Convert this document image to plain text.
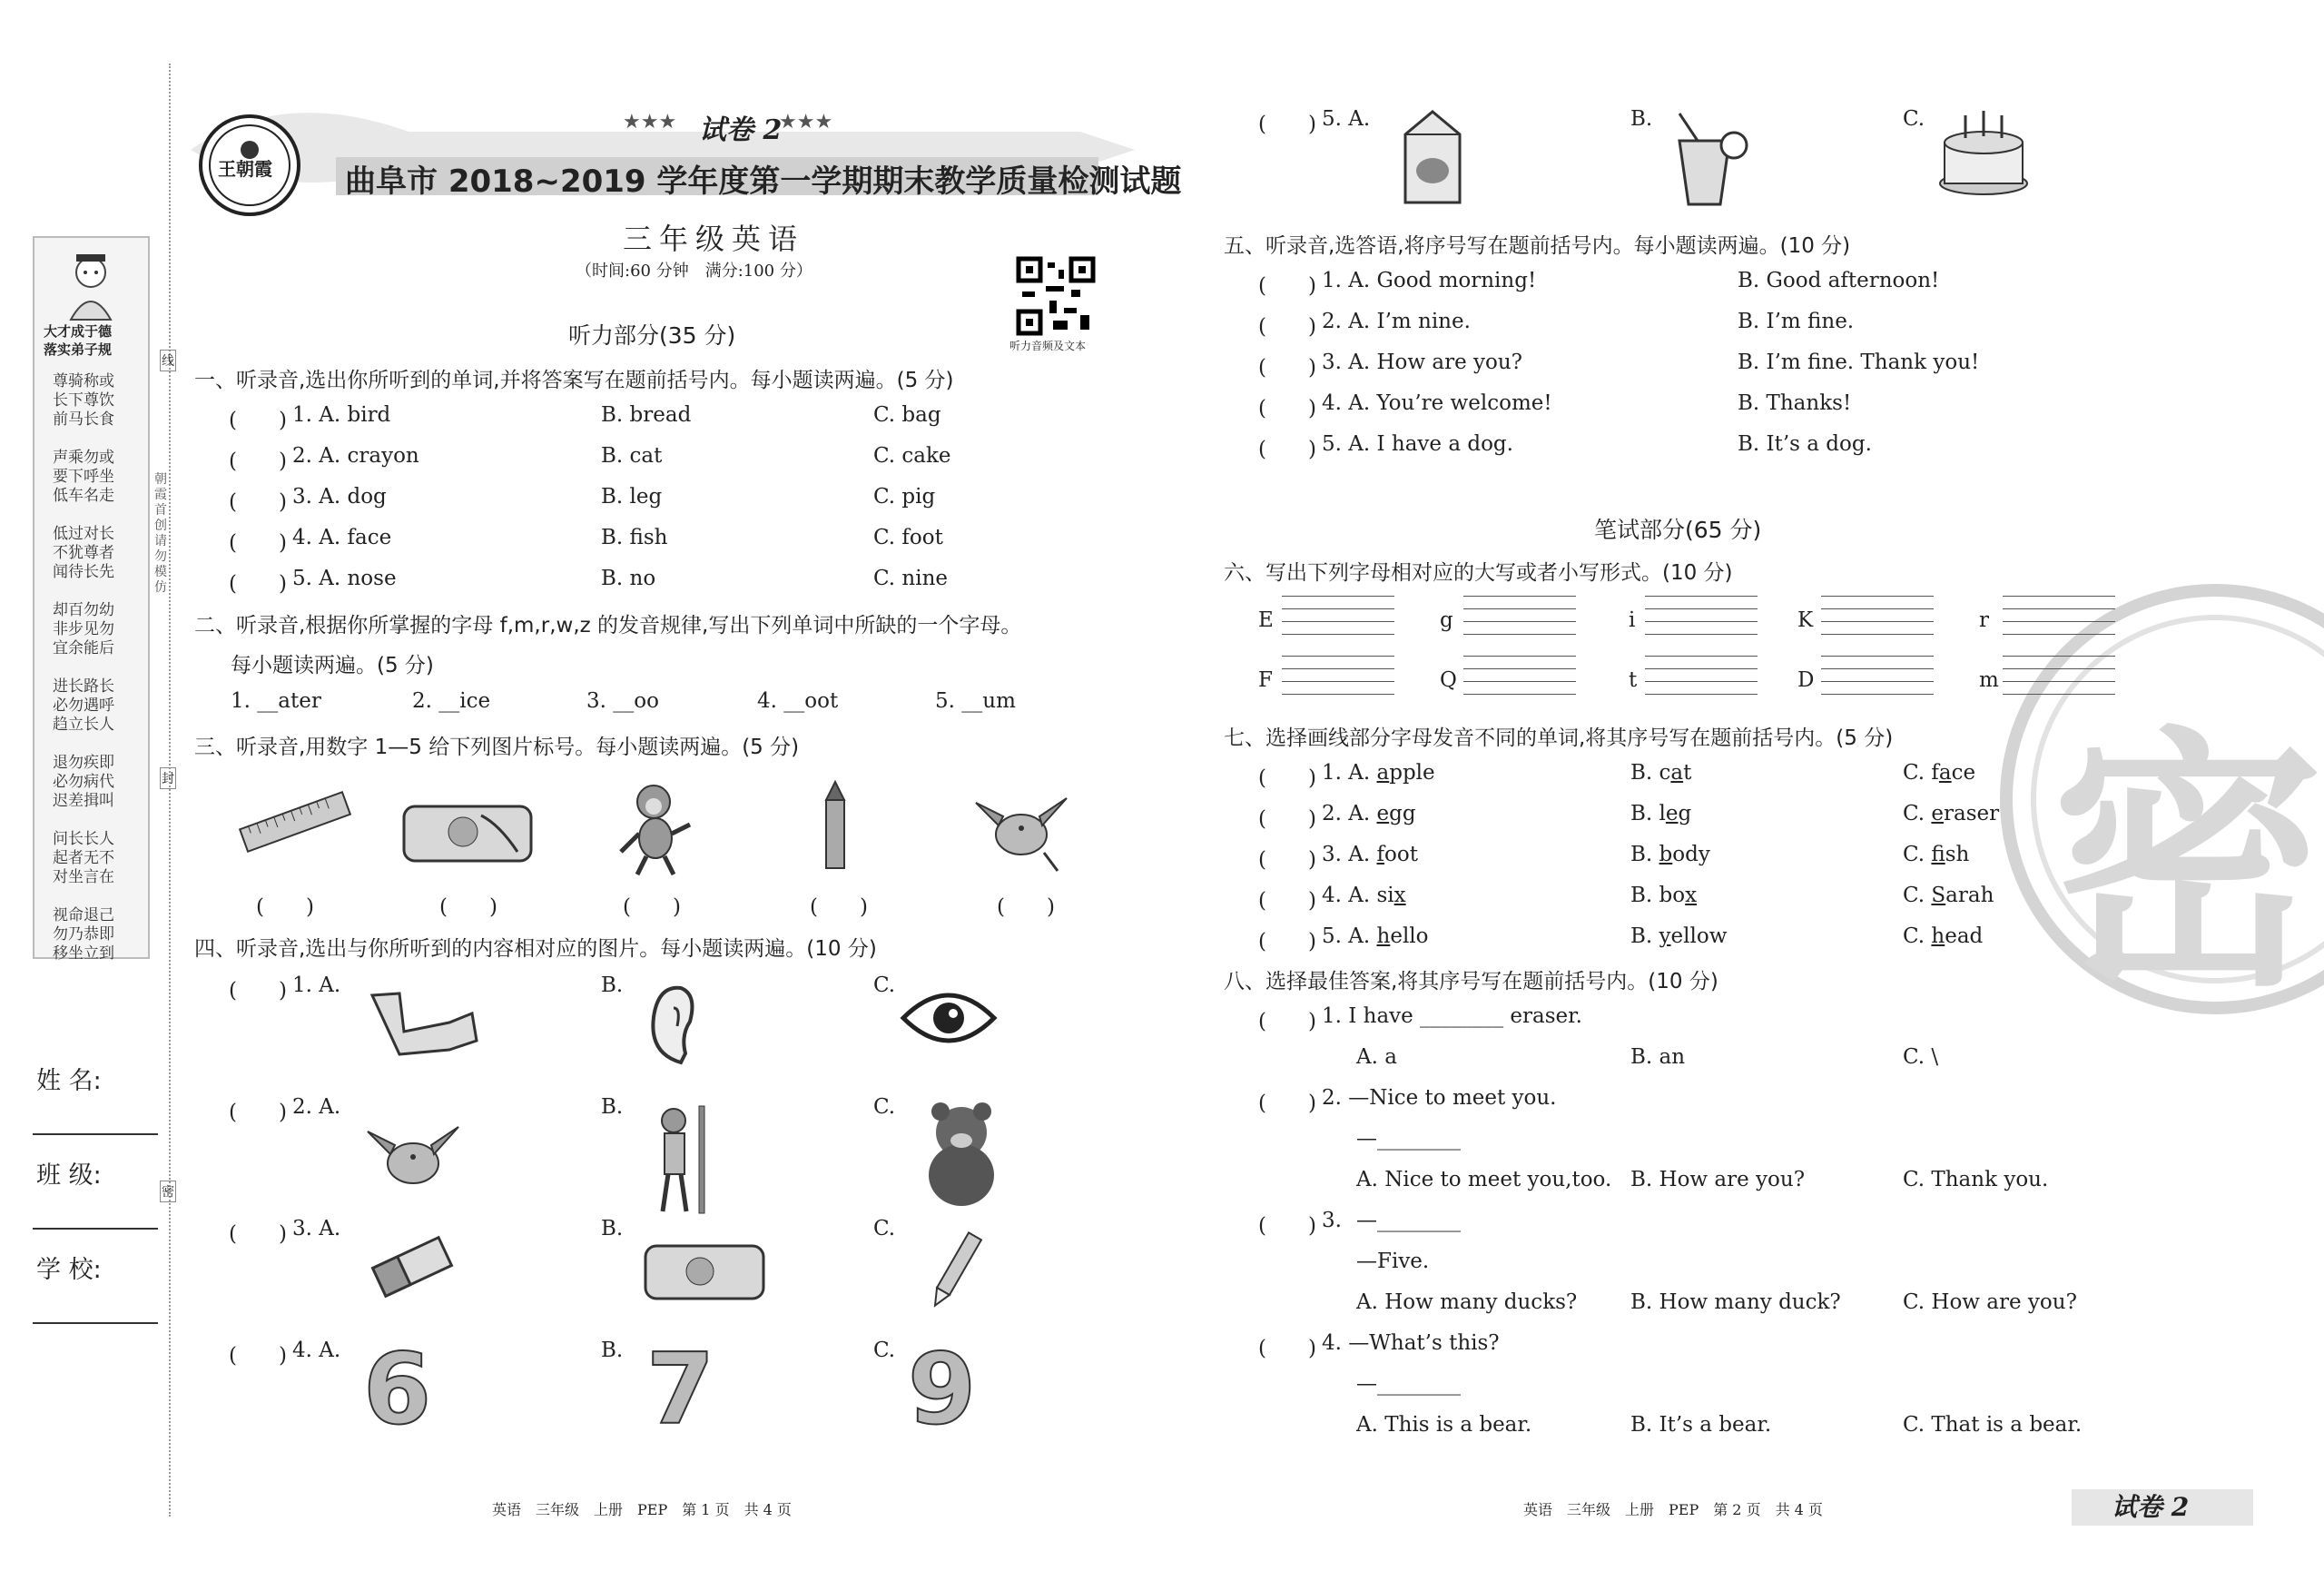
大才成于德
落实弟子规
尊骑称或
长下尊饮
前马长食
声乘勿或
要下呼坐
低车名走
低过对长
不犹尊者
闻待长先
却百勿幼
非步见勿
宜余能后
进长路长
必勿遇呼
趋立长人
退勿疾即
必勿病代
迟差揖叫
问长长人
起者无不
对坐言在
视命退己
勿乃恭即
移坐立到
朝霞首创 请勿模仿
线
封
密
姓 名:
班 级:
学 校:
王朝霞
★★★ 试卷 2
★★★
曲阜市 2018~2019 学年度第一学期期末教学质量检测试题
三年级英语
（时间:60 分钟　满分:100 分）
听力音频及文本
听力部分(35 分)
一、听录音,选出你所听到的单词,并将答案写在题前括号内。每小题读两遍。(5 分)
(　　) 1. A. bird	B. bread	C. bag
(　　) 2. A. crayon	B. cat	C. cake
(　　) 3. A. dog	B. leg	C. pig
(　　) 4. A. face	B. fish	C. foot
(　　) 5. A. nose	B. no	C. nine
二、听录音,根据你所掌握的字母 f,m,r,w,z 的发音规律,写出下列单词中所缺的一个字母。
每小题读两遍。(5 分)
1. __ater	2. __ice	3. __oo	4. __oot	5. __um
三、听录音,用数字 1—5 给下列图片标号。每小题读两遍。(5 分)
(　　)	(　　)	(　　)	(　　)	(　　)
四、听录音,选出与你所听到的内容相对应的图片。每小题读两遍。(10 分)
(　　) 1. A.	B.	C.
(　　) 2. A.	B.	C.
(　　) 3. A.	B.	C.
(　　) 4. A.	B.	C.
6 7 9
英语　三年级　上册　PEP　第 1 页　共 4 页
密
(　　) 5. A.	B.	C.
五、听录音,选答语,将序号写在题前括号内。每小题读两遍。(10 分)
(　　) 1. A. Good morning!	B. Good afternoon!
(　　) 2. A. I’m nine.	B. I’m fine.
(　　) 3. A. How are you?	B. I’m fine. Thank you!
(　　) 4. A. You’re welcome!	B. Thanks!
(　　) 5. A. I have a dog.	B. It’s a dog.
笔试部分(65 分)
六、写出下列字母相对应的大写或者小写形式。(10 分)
E	g	i	K	r
F	Q	t	D	m
七、选择画线部分字母发音不同的单词,将其序号写在题前括号内。(5 分)
(　　) 1. A. apple	B. cat	C. face
(　　) 2. A. egg	B. leg	C. eraser
(　　) 3. A. foot	B. body	C. fish
(　　) 4. A. six	B. box	C. Sarah
(　　) 5. A. hello	B. yellow	C. head
八、选择最佳答案,将其序号写在题前括号内。(10 分)
(　　) 1. I have ________ eraser.
A. a	B. an	C. \
(　　) 2. —Nice to meet you.
—________
A. Nice to meet you,too. B. How are you?	C. Thank you.
(　　) 3. —________
—Five.
A. How many ducks?	B. How many duck?	C. How are you?
(　　) 4. —What’s this?
—________
A. This is a bear.	B. It’s a bear.	C. That is a bear.
英语　三年级　上册　PEP　第 2 页　共 4 页	试卷 2
